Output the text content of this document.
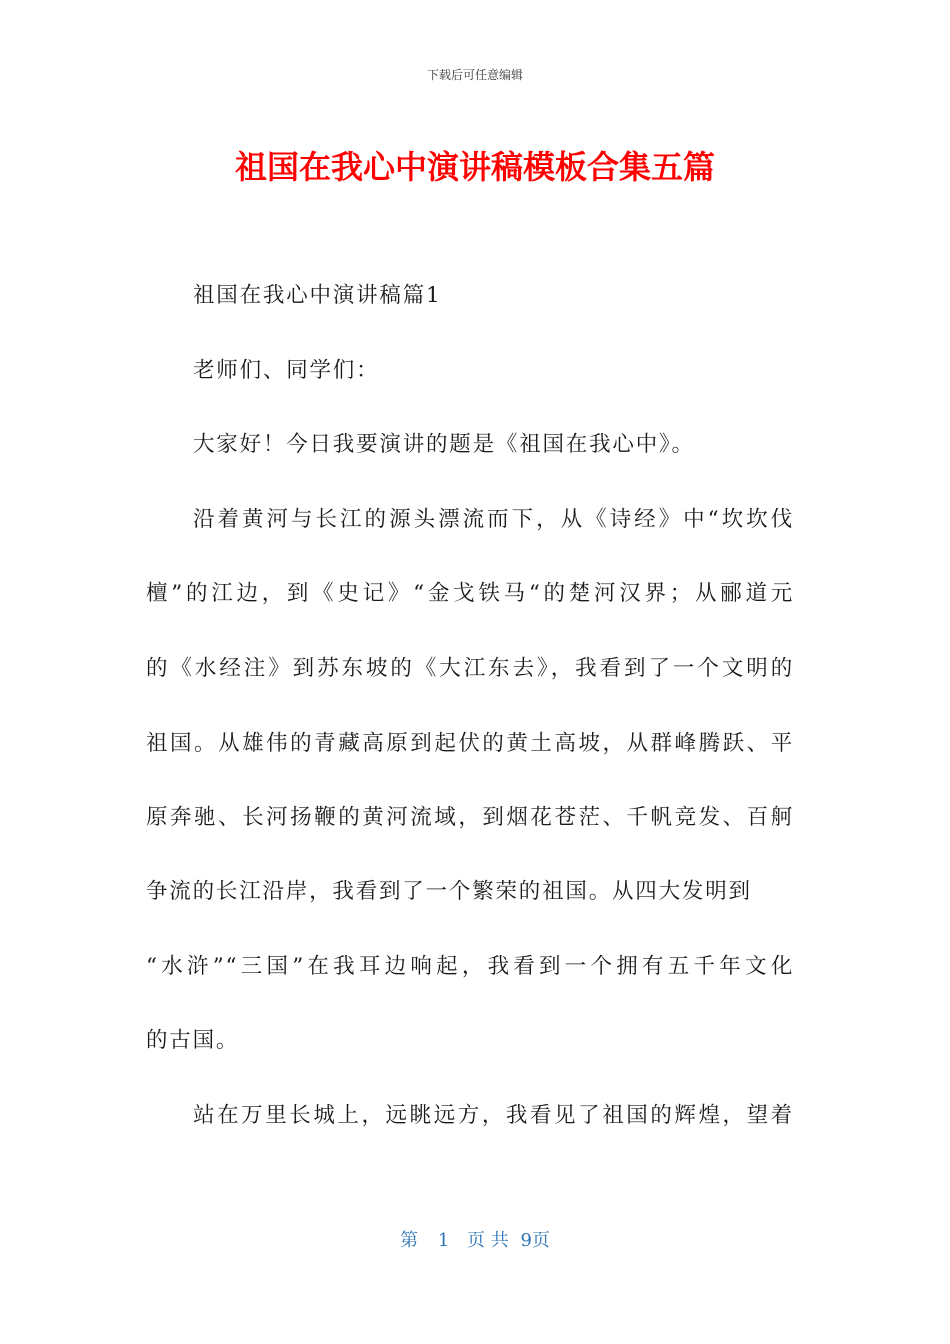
下载后可任意编辑
祖国在我心中演讲稿模板合集五篇
祖国在我心中演讲稿篇1
老师们、同学们：
大家好！今日我要演讲的题是《祖国在我心中》。
沿着黄河与长江的源头漂流而下，从《诗经》中“坎坎伐
檀”的江边，到《史记》“金戈铁马“的楚河汉界；从郦道元
的《水经注》到苏东坡的《大江东去》，我看到了一个文明的
祖国。从雄伟的青藏高原到起伏的黄土高坡，从群峰腾跃、平
原奔驰、长河扬鞭的黄河流域，到烟花苍茫、千帆竞发、百舸
争流的长江沿岸，我看到了一个繁荣的祖国。从四大发明到
“水浒”“三国”在我耳边响起，我看到一个拥有五千年文化
的古国。
站在万里长城上，远眺远方，我看见了祖国的辉煌，望着
第 1 页 共 9页
